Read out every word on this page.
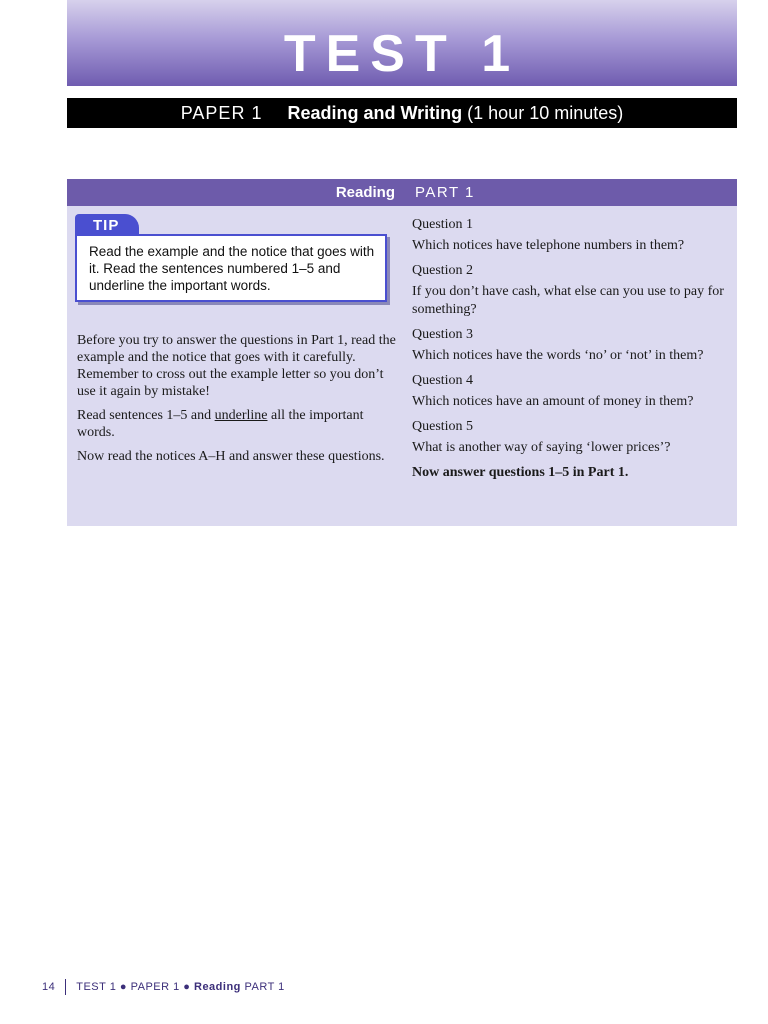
TEST 1
PAPER 1 Reading and Writing (1 hour 10 minutes)
Reading PART 1
TIP
Read the example and the notice that goes with it. Read the sentences numbered 1–5 and underline the important words.

Before you try to answer the questions in Part 1, read the example and the notice that goes with it carefully. Remember to cross out the example letter so you don’t use it again by mistake!

Read sentences 1–5 and underline all the important words.

Now read the notices A–H and answer these questions.

Question 1

Which notices have telephone numbers in them?

Question 2

If you don’t have cash, what else can you use to pay for something?

Question 3

Which notices have the words ‘no’ or ‘not’ in them?

Question 4

Which notices have an amount of money in them?

Question 5

What is another way of saying ‘lower prices’?

Now answer questions 1–5 in Part 1.

14 TEST 1 ● PAPER 1 ● Reading PART 1
